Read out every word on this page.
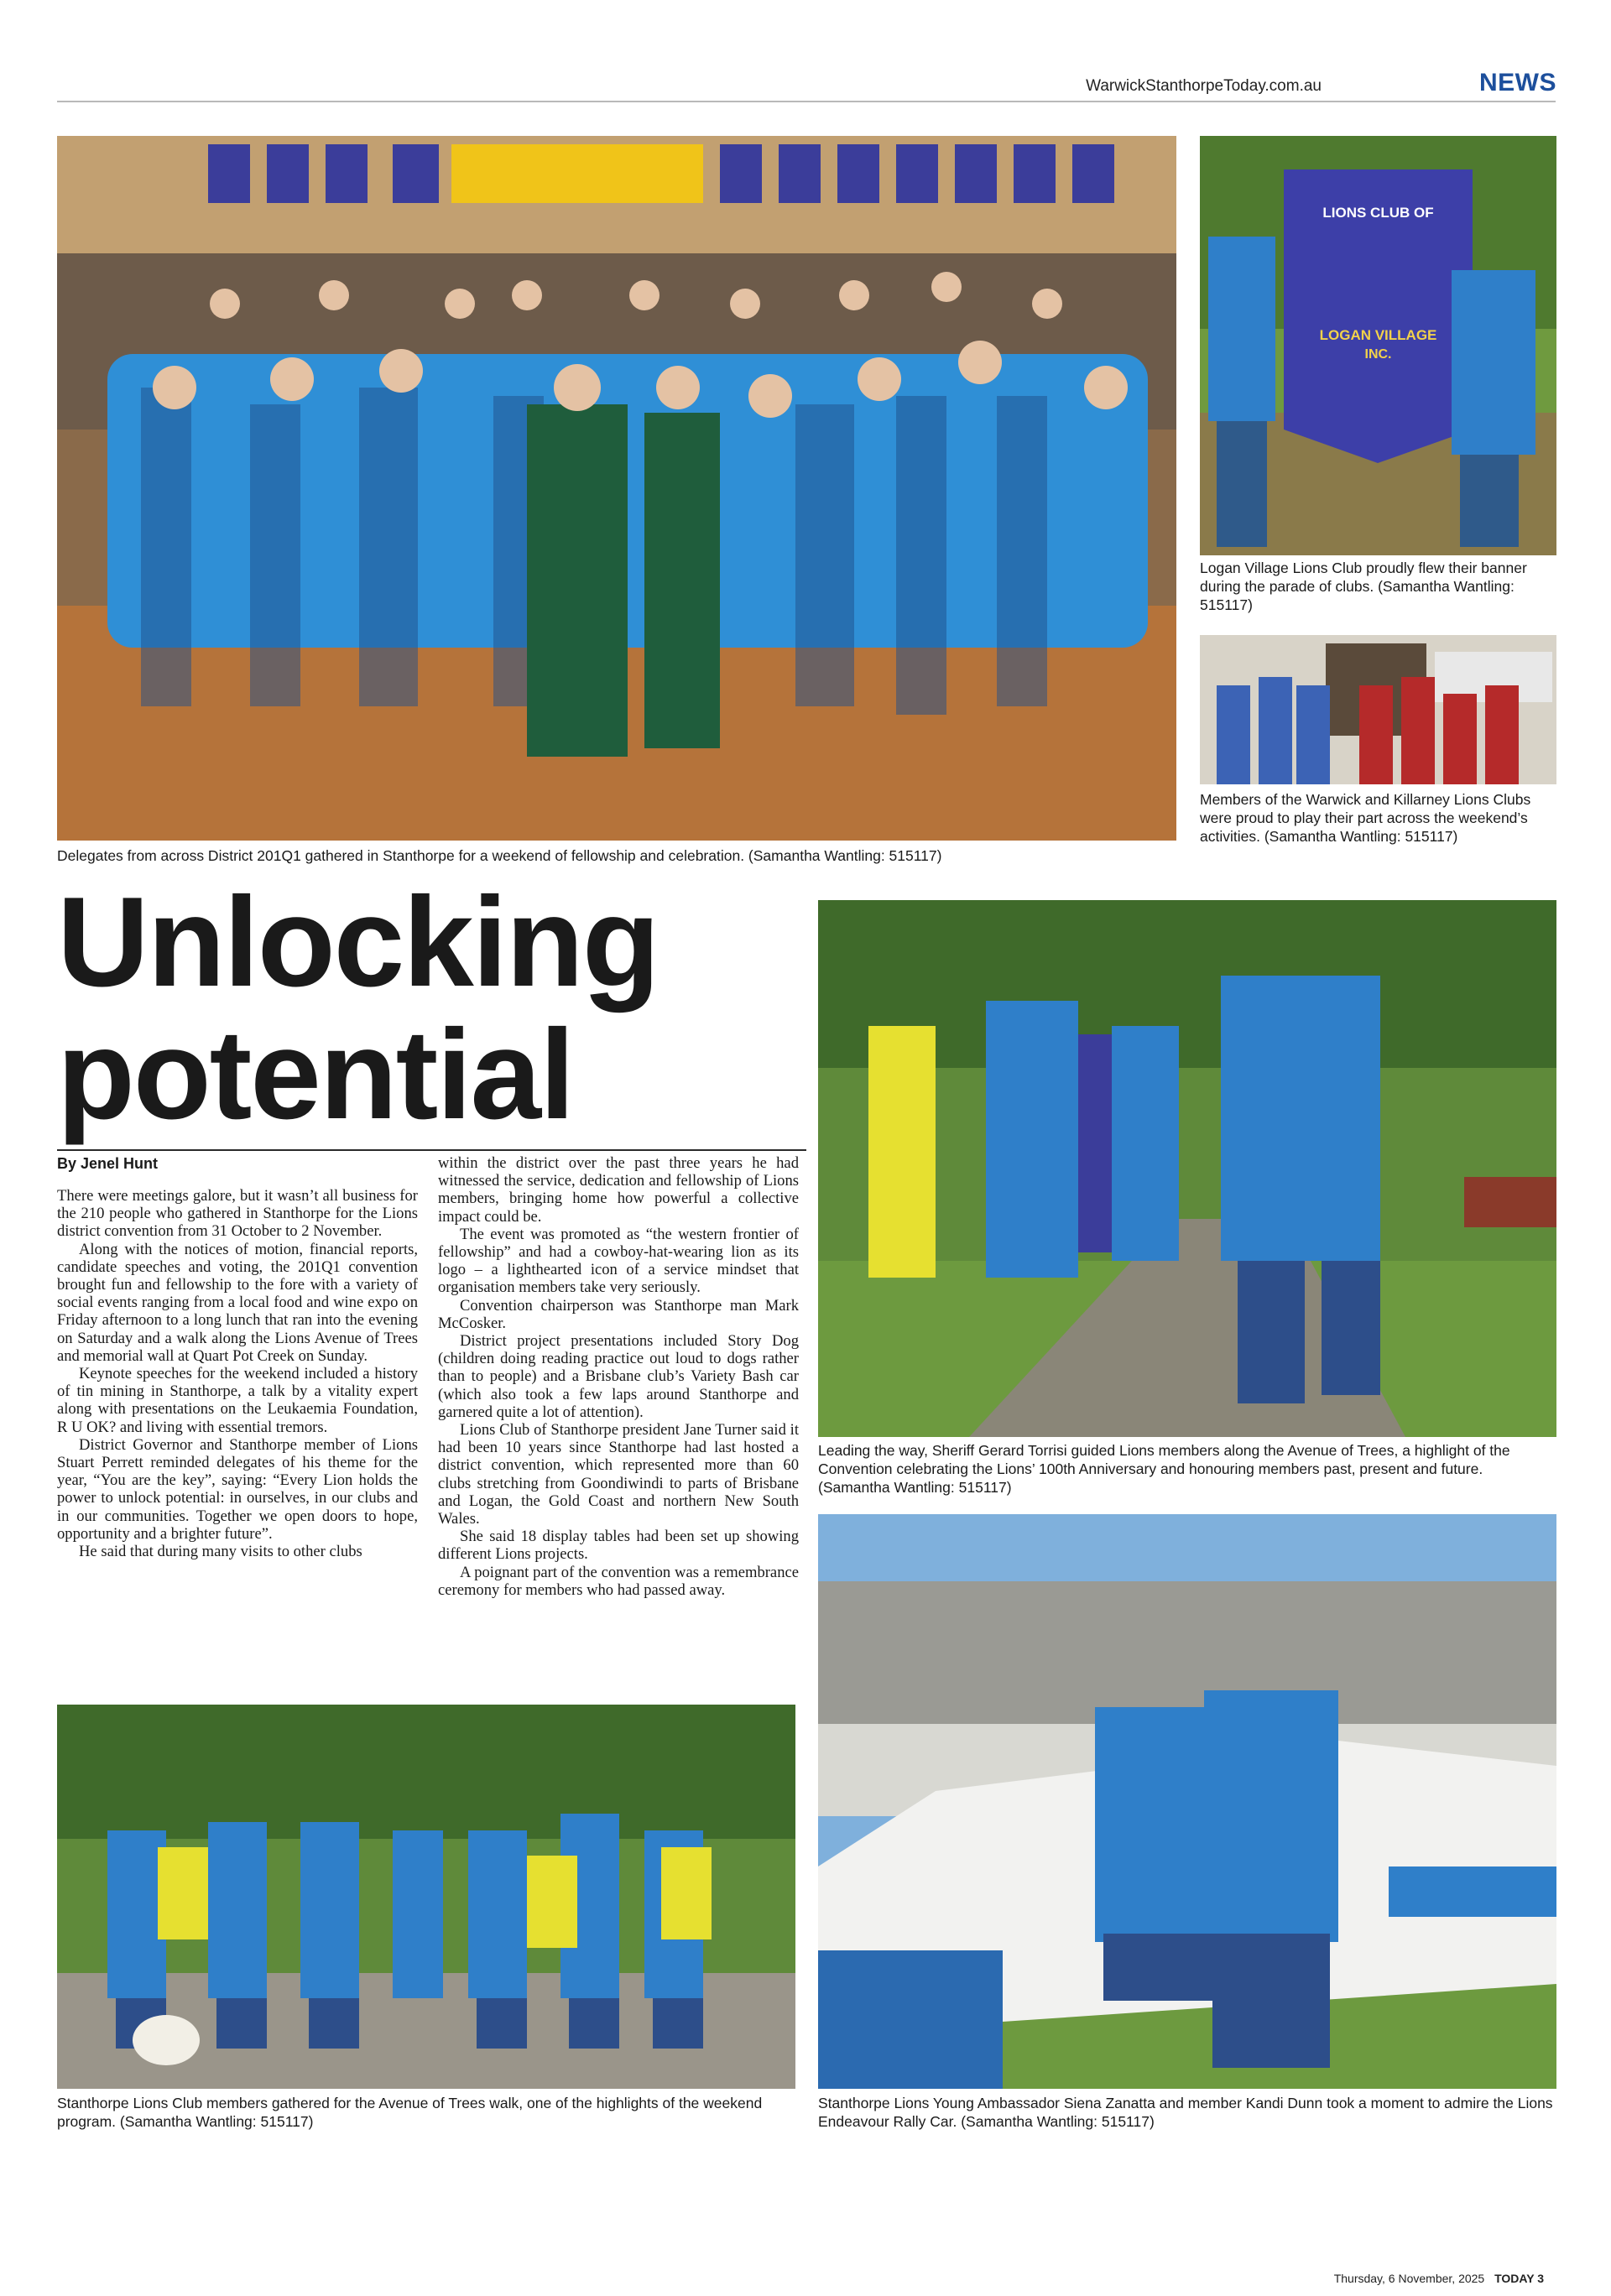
WarwickStanthorpeToday.com.au	NEWS
Delegates from across District 201Q1 gathered in Stanthorpe for a weekend of fellowship and celebration. (Samantha Wantling: 515117)
LIONS CLUB OF
LOGAN VILLAGE
INC.
Logan Village Lions Club proudly flew their banner during the parade of clubs. (Samantha Wantling: 515117)
Members of the Warwick and Killarney Lions Clubs were proud to play their part across the weekend’s activities. (Samantha Wantling: 515117)
Unlocking
potential
Leading the way, Sheriff Gerard Torrisi guided Lions members along the Avenue of Trees, a highlight of the Convention celebrating the Lions’ 100th Anniversary and honouring members past, present and future. (Samantha Wantling: 515117)
By Jenel Hunt

There were meetings galore, but it wasn’t all business for the 210 people who gathered in Stanthorpe for the Lions district convention from 31 October to 2 November.

Along with the notices of motion, financial reports, candidate speeches and voting, the 201Q1 convention brought fun and fellowship to the fore with a variety of social events ranging from a local food and wine expo on Friday afternoon to a long lunch that ran into the evening on Saturday and a walk along the Lions Avenue of Trees and memorial wall at Quart Pot Creek on Sunday.

Keynote speeches for the weekend included a history of tin mining in Stanthorpe, a talk by a vitality expert along with presentations on the Leukaemia Foundation, R U OK? and living with essential tremors.

District Governor and Stanthorpe member of Lions Stuart Perrett reminded delegates of his theme for the year, “You are the key”, saying: “Every Lion holds the power to unlock potential: in ourselves, in our clubs and in our communities. Together we open doors to hope, opportunity and a brighter future”.

He said that during many visits to other clubs

within the district over the past three years he had witnessed the service, dedication and fellowship of Lions members, bringing home how powerful a collective impact could be.

The event was promoted as “the western frontier of fellowship” and had a cowboy-hat-wearing lion as its logo – a lighthearted icon of a service mindset that organisation members take very seriously.

Convention chairperson was Stanthorpe man Mark McCosker.

District project presentations included Story Dog (children doing reading practice out loud to dogs rather than to people) and a Brisbane club’s Variety Bash car (which also took a few laps around Stanthorpe and garnered quite a lot of attention).

Lions Club of Stanthorpe president Jane Turner said it had been 10 years since Stanthorpe had last hosted a district convention, which represented more than 60 clubs stretching from Goondiwindi to parts of Brisbane and Logan, the Gold Coast and northern New South Wales.

She said 18 display tables had been set up showing different Lions projects.

A poignant part of the convention was a remembrance ceremony for members who had passed away.

Stanthorpe Lions Young Ambassador Siena Zanatta and member Kandi Dunn took a moment to admire the Lions Endeavour Rally Car. (Samantha Wantling: 515117)
Stanthorpe Lions Club members gathered for the Avenue of Trees walk, one of the highlights of the weekend program. (Samantha Wantling: 515117)
Thursday, 6 November, 2025 TODAY 3
